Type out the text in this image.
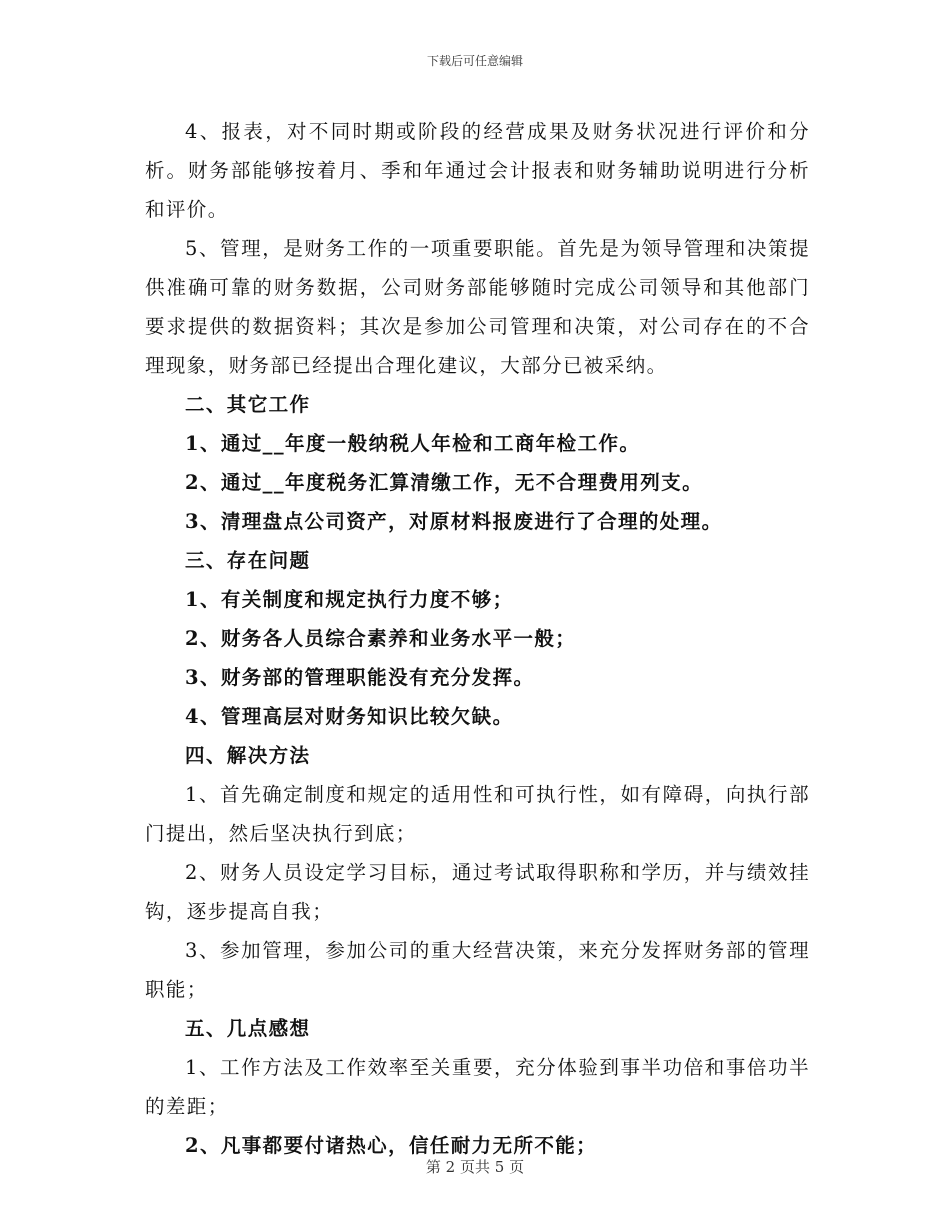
下载后可任意编辑

4、报表，对不同时期或阶段的经营成果及财务状况进行评价和分析。财务部能够按着月、季和年通过会计报表和财务辅助说明进行分析和评价。

5、管理，是财务工作的一项重要职能。首先是为领导管理和决策提供准确可靠的财务数据，公司财务部能够随时完成公司领导和其他部门要求提供的数据资料；其次是参加公司管理和决策，对公司存在的不合理现象，财务部已经提出合理化建议，大部分已被采纳。

二、其它工作

1、通过__年度一般纳税人年检和工商年检工作。

2、通过__年度税务汇算清缴工作，无不合理费用列支。

3、清理盘点公司资产，对原材料报废进行了合理的处理。

三、存在问题

1、有关制度和规定执行力度不够；

2、财务各人员综合素养和业务水平一般；

3、财务部的管理职能没有充分发挥。

4、管理高层对财务知识比较欠缺。

四、解决方法

1、首先确定制度和规定的适用性和可执行性，如有障碍，向执行部门提出，然后坚决执行到底；

2、财务人员设定学习目标，通过考试取得职称和学历，并与绩效挂钩，逐步提高自我；

3、参加管理，参加公司的重大经营决策，来充分发挥财务部的管理职能；

五、几点感想

1、工作方法及工作效率至关重要，充分体验到事半功倍和事倍功半的差距；

2、凡事都要付诸热心，信任耐力无所不能；

第 2 页共 5 页
